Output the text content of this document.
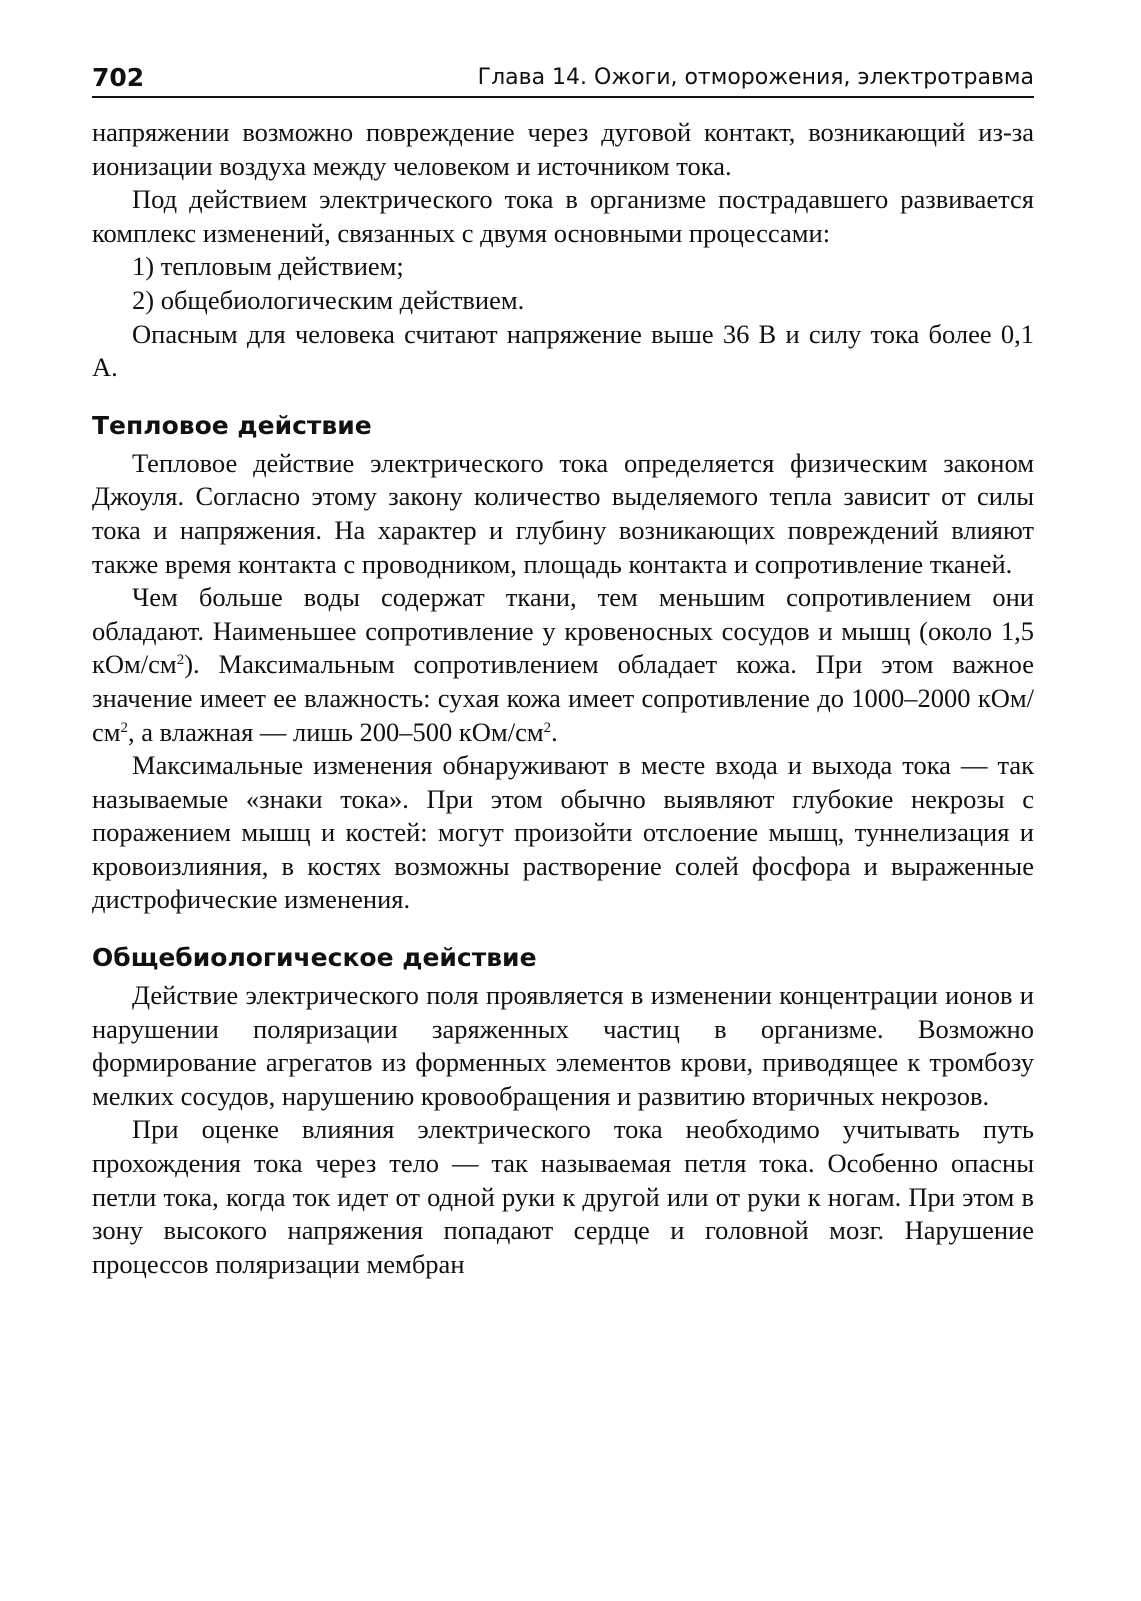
702	Глава 14. Ожоги, отморожения, электротравма

напряжении возможно повреждение через дуговой контакт, возникающий из-за ионизации воздуха между человеком и источником тока.

Под действием электрического тока в организме пострадавшего развивается комплекс изменений, связанных с двумя основными процессами:

1) тепловым действием;

2) общебиологическим действием.

Опасным для человека считают напряжение выше 36 В и силу тока более 0,1 А.

Тепловое действие

Тепловое действие электрического тока определяется физическим законом Джоуля. Согласно этому закону количество выделяемого тепла зависит от силы тока и напряжения. На характер и глубину возникающих повреждений влияют также время контакта с проводником, площадь контакта и сопротивление тканей.

Чем больше воды содержат ткани, тем меньшим сопротивлением они обладают. Наименьшее сопротивление у кровеносных сосудов и мышц (около 1,5 кОм/$см^2$). Максимальным сопротивлением обладает кожа. При этом важное значение имеет ее влажность: сухая кожа имеет сопротивление до 1000–2000 кОм/$см^2$, а влажная — лишь 200–500 кОм/$см^2$.

Максимальные изменения обнаруживают в месте входа и выхода тока — так называемые «знаки тока». При этом обычно выявляют глубокие некрозы с поражением мышц и костей: могут произойти отслоение мышц, туннелизация и кровоизлияния, в костях возможны растворение солей фосфора и выраженные дистрофические изменения.

Общебиологическое действие

Действие электрического поля проявляется в изменении концентрации ионов и нарушении поляризации заряженных частиц в организме. Возможно формирование агрегатов из форменных элементов крови, приводящее к тромбозу мелких сосудов, нарушению кровообращения и развитию вторичных некрозов.

При оценке влияния электрического тока необходимо учитывать путь прохождения тока через тело — так называемая петля тока. Особенно опасны петли тока, когда ток идет от одной руки к другой или от руки к ногам. При этом в зону высокого напряжения попадают сердце и головной мозг. Нарушение процессов поляризации мембран
